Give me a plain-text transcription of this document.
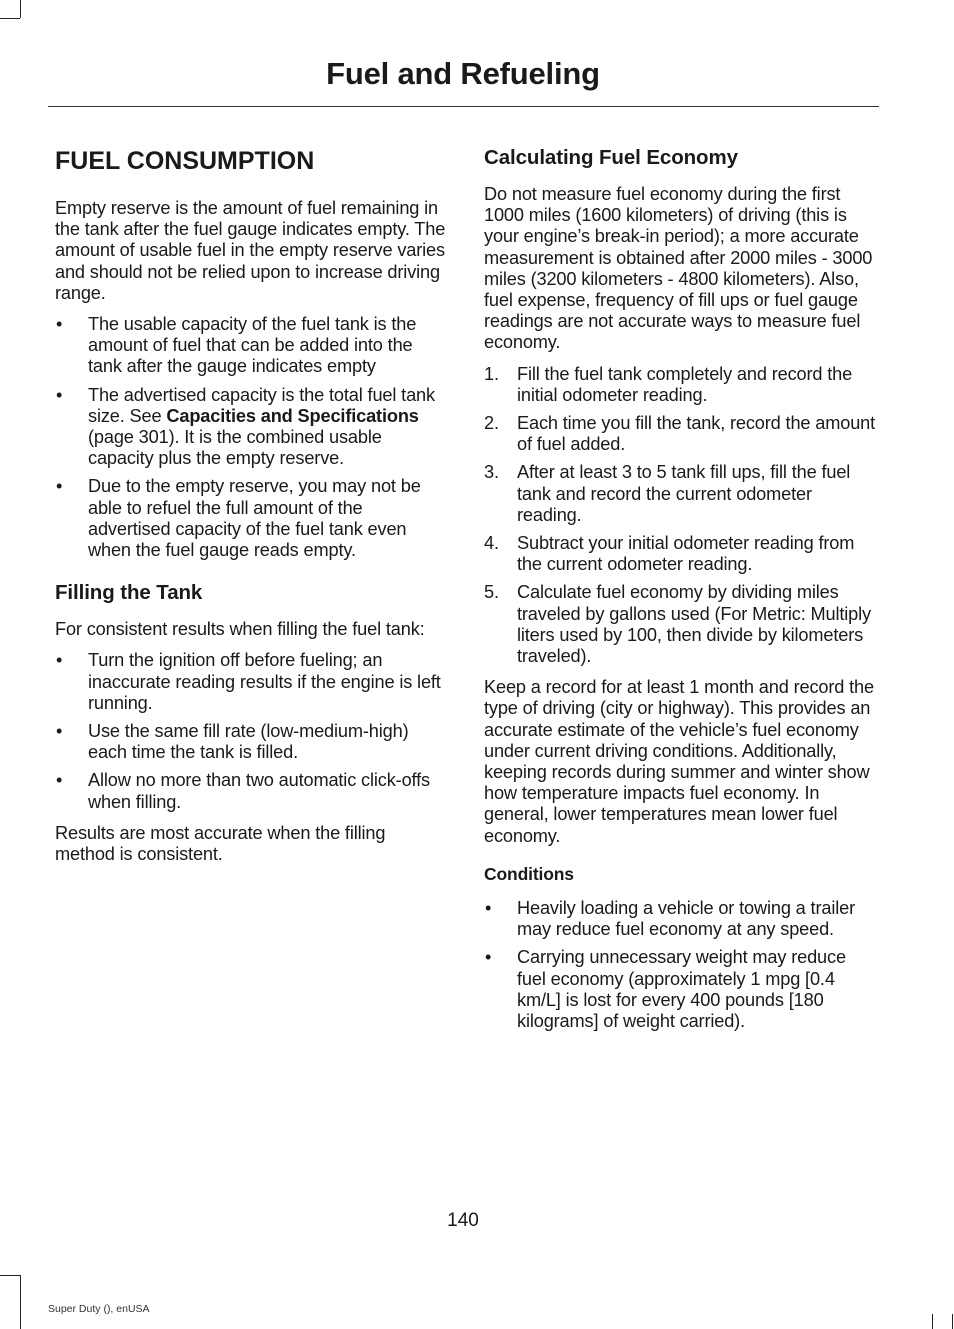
Fuel and Refueling
FUEL CONSUMPTION

Empty reserve is the amount of fuel remaining in the tank after the fuel gauge indicates empty. The amount of usable fuel in the empty reserve varies and should not be relied upon to increase driving range.

•	The usable capacity of the fuel tank is the amount of fuel that can be added into the tank after the gauge indicates empty
•	The advertised capacity is the total fuel tank size. See Capacities and Specifications (page 301). It is the combined usable capacity plus the empty reserve.
•	Due to the empty reserve, you may not be able to refuel the full amount of the advertised capacity of the fuel tank even when the fuel gauge reads empty.
Filling the Tank

For consistent results when filling the fuel tank:

•	Turn the ignition off before fueling; an inaccurate reading results if the engine is left running.
•	Use the same fill rate (low-medium-high) each time the tank is filled.
•	Allow no more than two automatic click-offs when filling.

Results are most accurate when the filling method is consistent.

Calculating Fuel Economy

Do not measure fuel economy during the first 1000 miles (1600 kilometers) of driving (this is your engine’s break-in period); a more accurate measurement is obtained after 2000 miles - 3000 miles (3200 kilometers - 4800 kilometers). Also, fuel expense, frequency of fill ups or fuel gauge readings are not accurate ways to measure fuel economy.

1. Fill the fuel tank completely and record the initial odometer reading.
2. Each time you fill the tank, record the amount of fuel added.
3. After at least 3 to 5 tank fill ups, fill the fuel tank and record the current odometer reading.
4. Subtract your initial odometer reading from the current odometer reading.
5. Calculate fuel economy by dividing miles traveled by gallons used (For Metric: Multiply liters used by 100, then divide by kilometers traveled).

Keep a record for at least 1 month and record the type of driving (city or highway). This provides an accurate estimate of the vehicle’s fuel economy under current driving conditions. Additionally, keeping records during summer and winter show how temperature impacts fuel economy. In general, lower temperatures mean lower fuel economy.

Conditions
•	Heavily loading a vehicle or towing a trailer may reduce fuel economy at any speed.
•	Carrying unnecessary weight may reduce fuel economy (approximately 1 mpg [0.4 km/L] is lost for every 400 pounds [180 kilograms] of weight carried).
140
Super Duty (), enUSA
